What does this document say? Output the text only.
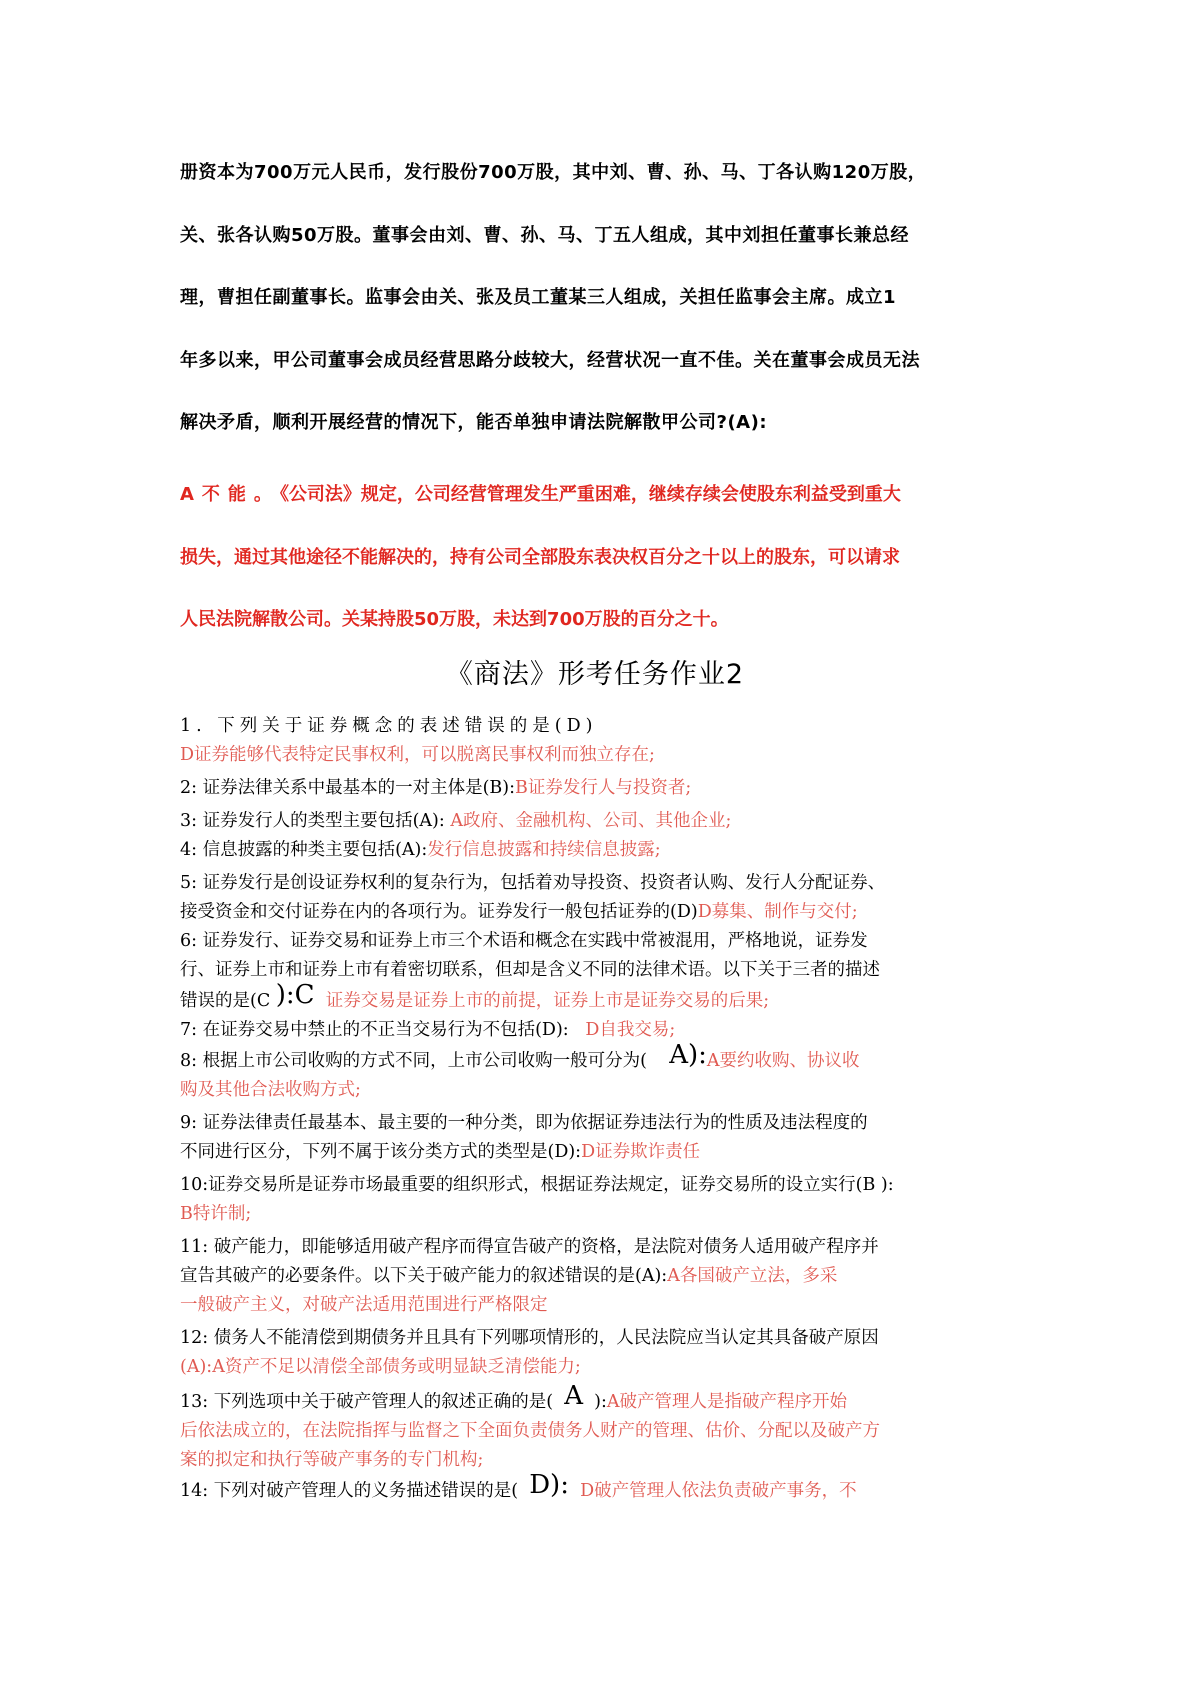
册资本为700万元人民币，发行股份700万股，其中刘、曹、孙、马、丁各认购120万股，
关、张各认购50万股。董事会由刘、曹、孙、马、丁五人组成，其中刘担任董事长兼总经
理，曹担任副董事长。监事会由关、张及员工董某三人组成，关担任监事会主席。成立1
年多以来，甲公司董事会成员经营思路分歧较大，经营状况一直不佳。关在董事会成员无法
解决矛盾，顺利开展经营的情况下，能否单独申请法院解散甲公司?(A):
A不能。《公司法》规定，公司经营管理发生严重困难，继续存续会使股东利益受到重大
损失，通过其他途径不能解决的，持有公司全部股东表决权百分之十以上的股东，可以请求
人民法院解散公司。关某持股50万股，未达到700万股的百分之十。
《商法》形考任务作业2

1. 下列关于证券概念的表述错误的是(D)

D证券能够代表特定民事权利，可以脱离民事权利而独立存在;

2: 证券法律关系中最基本的一对主体是(B):B证券发行人与投资者;

3: 证券发行人的类型主要包括(A): A政府、金融机构、公司、其他企业;

4: 信息披露的种类主要包括(A):发行信息披露和持续信息披露;

5: 证券发行是创设证券权利的复杂行为，包括着劝导投资、投资者认购、发行人分配证券、

接受资金和交付证券在内的各项行为。证券发行一般包括证券的(D)D募集、制作与交付;

6: 证券发行、证券交易和证券上市三个术语和概念在实践中常被混用，严格地说，证券发

行、证券上市和证券上市有着密切联系，但却是含义不同的法律术语。以下关于三者的描述

错误的是(C ):C 证券交易是证券上市的前提，证券上市是证券交易的后果;

7: 在证券交易中禁止的不正当交易行为不包括(D):   D自我交易;

8: 根据上市公司收购的方式不同，上市公司收购一般可分为( A):A要约收购、协议收

购及其他合法收购方式;

9: 证券法律责任最基本、最主要的一种分类，即为依据证券违法行为的性质及违法程度的

不同进行区分，下列不属于该分类方式的类型是(D):D证券欺诈责任

10:证券交易所是证券市场最重要的组织形式，根据证券法规定，证券交易所的设立实行(B ):

B特许制;

11: 破产能力，即能够适用破产程序而得宣告破产的资格，是法院对债务人适用破产程序并

宣告其破产的必要条件。以下关于破产能力的叙述错误的是(A):A各国破产立法，多采

一般破产主义，对破产法适用范围进行严格限定

12: 债务人不能清偿到期债务并且具有下列哪项情形的，人民法院应当认定其具备破产原因

(A):A资产不足以清偿全部债务或明显缺乏清偿能力;

13: 下列选项中关于破产管理人的叙述正确的是( A ):A破产管理人是指破产程序开始

后依法成立的，在法院指挥与监督之下全面负责债务人财产的管理、估价、分配以及破产方

案的拟定和执行等破产事务的专门机构;

14: 下列对破产管理人的义务描述错误的是( D): D破产管理人依法负责破产事务，不
